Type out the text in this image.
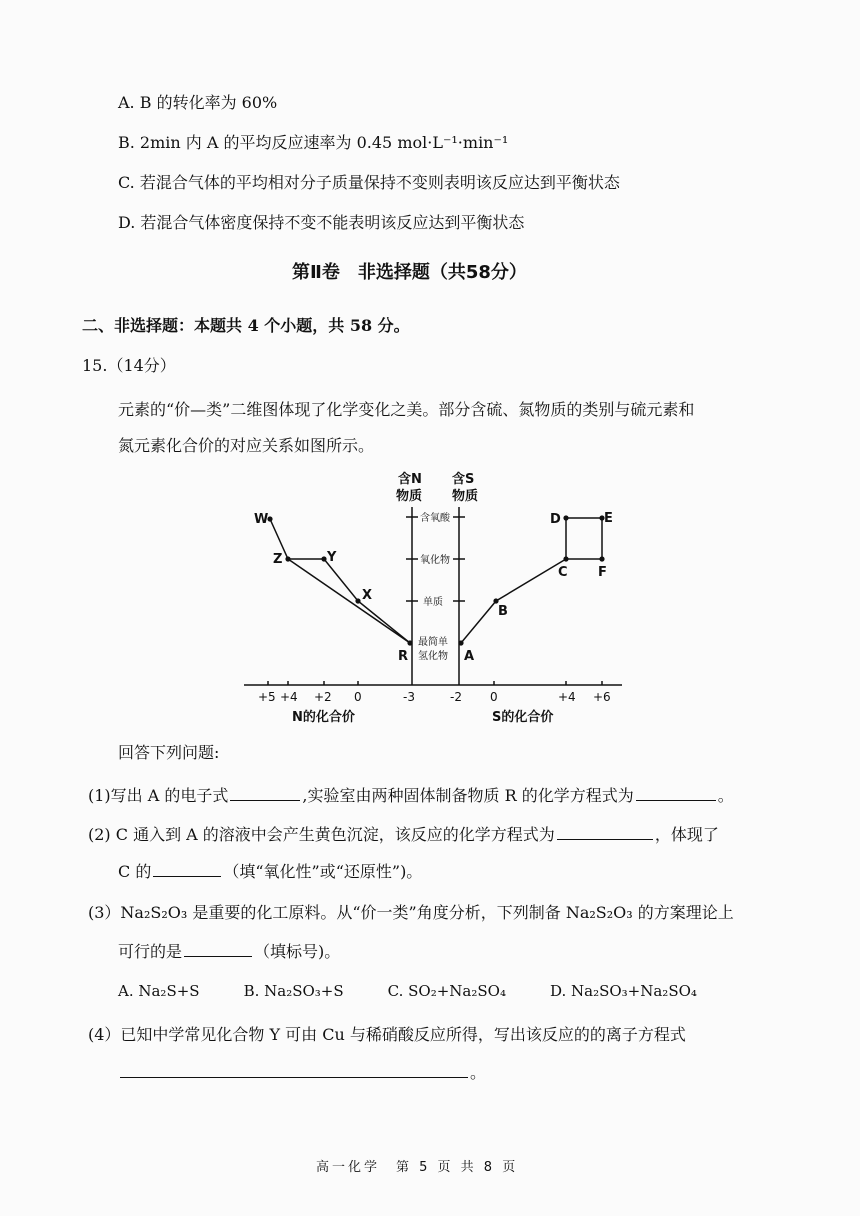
A. B 的转化率为 60%
B. 2min 内 A 的平均反应速率为 0.45 mol·L⁻¹·min⁻¹
C. 若混合气体的平均相对分子质量保持不变则表明该反应达到平衡状态
D. 若混合气体密度保持不变不能表明该反应达到平衡状态
第Ⅱ卷　非选择题（共58分）
二、非选择题：本题共 4 个小题，共 58 分。
15.（14分）
元素的“价—类”二维图体现了化学变化之美。部分含硫、氮物质的类别与硫元素和
氮元素化合价的对应关系如图所示。
含N
物质
含S
物质
含氧酸
氧化物
单质
最简单
氢化物
W
Z	Y
X
R	A
B
C
D	E
F
+5 +4 +2 0	-3	-2 0	+4 +6
N的化合价	S的化合价
回答下列问题:
(1)写出 A 的电子式	,实验室由两种固体制备物质 R 的化学方程式为	。
(2) C 通入到 A 的溶液中会产生黄色沉淀，该反应的化学方程式为	，体现了
C 的	（填“氧化性”或“还原性”)。
(3）Na₂S₂O₃ 是重要的化工原料。从“价一类”角度分析，下列制备 Na₂S₂O₃ 的方案理论上
可行的是	（填标号)。
A. Na₂S+S	B. Na₂SO₃+S	C. SO₂+Na₂SO₄	D. Na₂SO₃+Na₂SO₄
(4）已知中学常见化合物 Y 可由 Cu 与稀硝酸反应所得，写出该反应的的离子方程式
。
高一化学　第 5 页 共 8 页
